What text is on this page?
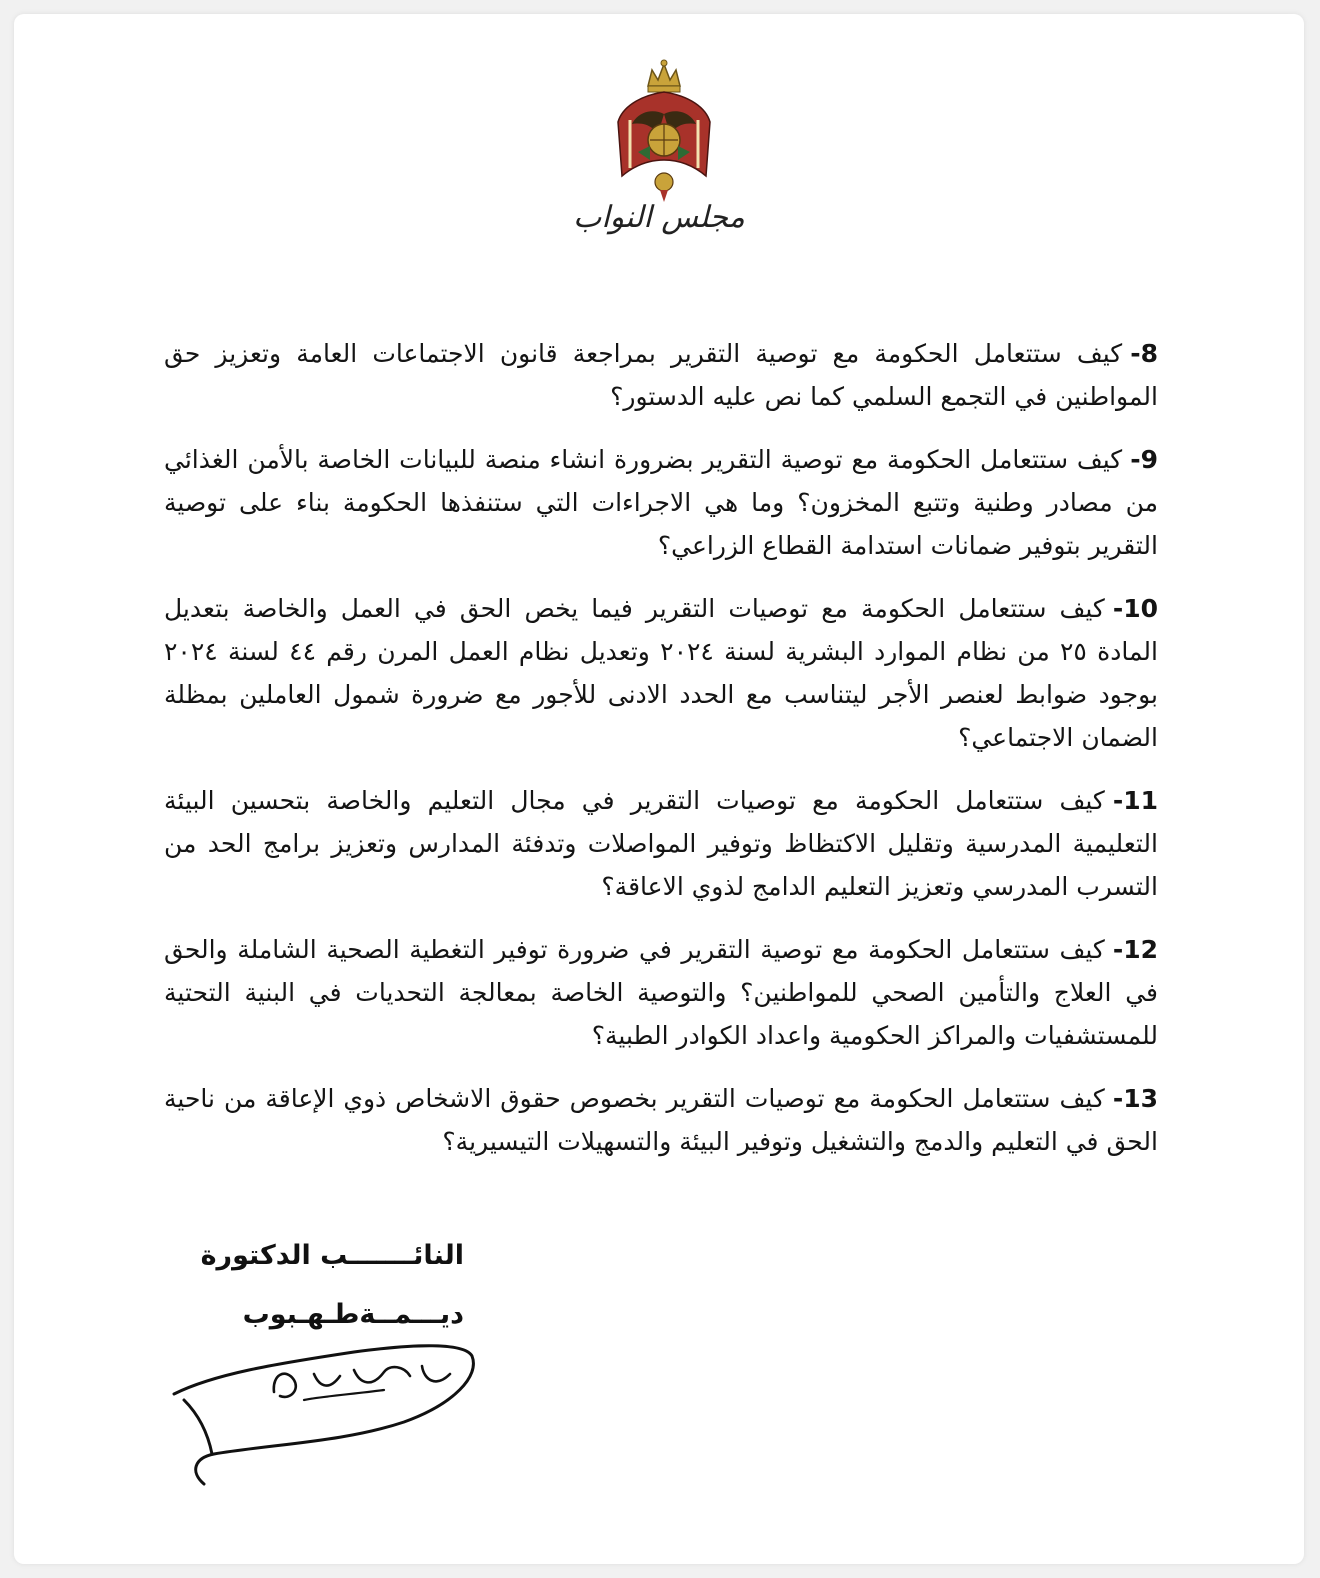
مجلس النواب

8-كيف ستتعامل الحكومة مع توصية التقرير بمراجعة قانون الاجتماعات العامة وتعزيز حق المواطنين في التجمع السلمي كما نص عليه الدستور؟

9-كيف ستتعامل الحكومة مع توصية التقرير بضرورة انشاء منصة للبيانات الخاصة بالأمن الغذائي من مصادر وطنية وتتبع المخزون؟ وما هي الاجراءات التي ستنفذها الحكومة بناء على توصية التقرير بتوفير ضمانات استدامة القطاع الزراعي؟

10-كيف ستتعامل الحكومة مع توصيات التقرير فيما يخص الحق في العمل والخاصة بتعديل المادة ٢٥ من نظام الموارد البشرية لسنة ٢٠٢٤ وتعديل نظام العمل المرن رقم ٤٤ لسنة ٢٠٢٤ بوجود ضوابط لعنصر الأجر ليتناسب مع الحدد الادنى للأجور مع ضرورة شمول العاملين بمظلة الضمان الاجتماعي؟

11-كيف ستتعامل الحكومة مع توصيات التقرير في مجال التعليم والخاصة بتحسين البيئة التعليمية المدرسية وتقليل الاكتظاظ وتوفير المواصلات وتدفئة المدارس وتعزيز برامج الحد من التسرب المدرسي وتعزيز التعليم الدامج لذوي الاعاقة؟

12-كيف ستتعامل الحكومة مع توصية التقرير في ضرورة توفير التغطية الصحية الشاملة والحق في العلاج والتأمين الصحي للمواطنين؟ والتوصية الخاصة بمعالجة التحديات في البنية التحتية للمستشفيات والمراكز الحكومية واعداد الكوادر الطبية؟

13-كيف ستتعامل الحكومة مع توصيات التقرير بخصوص حقوق الاشخاص ذوي الإعاقة من ناحية الحق في التعليم والدمج والتشغيل وتوفير البيئة والتسهيلات التيسيرية؟

النائـــــــب الدكتورة
ديـــمــةطـهـبوب
